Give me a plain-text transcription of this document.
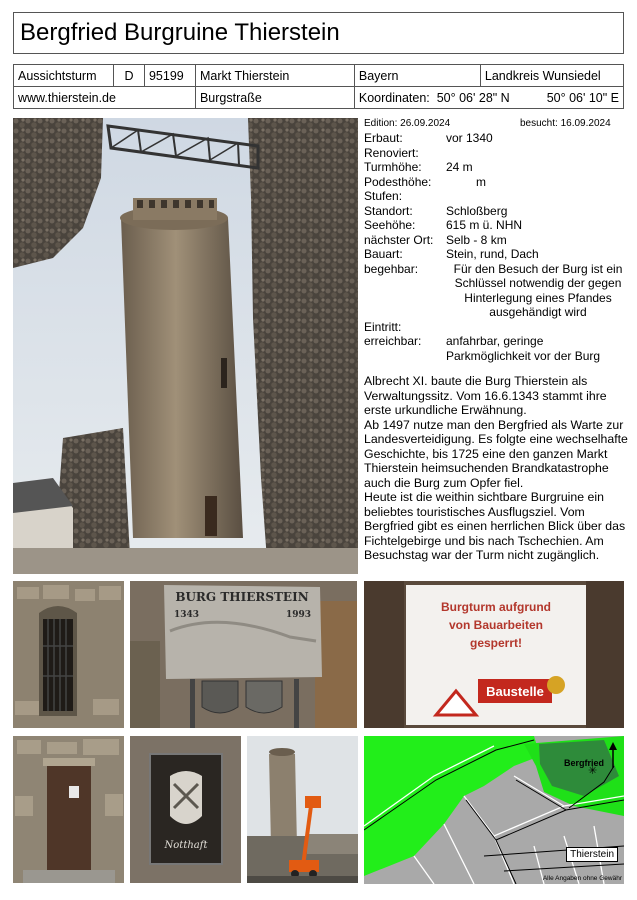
Bergfried Burgruine Thierstein
Aussichtsturm	D	95199	Markt Thierstein	Bayern	Landkreis Wunsiedel
www.thierstein.de			Burgstraße	Koordinaten: 50° 06' 28" N 50° 06' 10" E	
Edition: 26.09.2024	besucht: 16.09.2024
Erbaut:	vor 1340
Renoviert:
Turmhöhe:	24 m
Podesthöhe:	m
Stufen:
Standort:	Schloßberg
Seehöhe:	615 m ü. NHN
nächster Ort:	Selb - 8 km
Bauart:	Stein, rund, Dach
begehbar:	Für den Besuch der Burg ist ein Schlüssel notwendig der gegen Hinterlegung eines Pfandes ausgehändigt wird
Eintritt:
erreichbar:	anfahrbar, geringe Parkmöglichkeit vor der Burg

Albrecht XI. baute die Burg Thierstein als Verwaltungssitz. Vom 16.6.1343 stammt ihre erste urkundliche Erwähnung.

Ab 1497 nutze man den Bergfried als Warte zur Landesverteidigung. Es folgte eine wechselhafte Geschichte, bis 1725 eine den ganzen Markt Thierstein heimsuchenden Brandkatastrophe auch die Burg zum Opfer fiel.

Heute ist die weithin sichtbare Burgruine ein beliebtes touristisches Ausflugsziel. Vom Bergfried gibt es einen herrlichen Blick über das Fichtelgebirge und bis nach Tschechien. Am Besuchstag war der Turm nicht zugänglich.

BURG THIERSTEIN
1343	1993
Burgturm aufgrund
von Bauarbeiten
gesperrt!
Baustelle
Notthaft
✳
Bergfried
Thierstein
Alle Angaben ohne Gewähr
